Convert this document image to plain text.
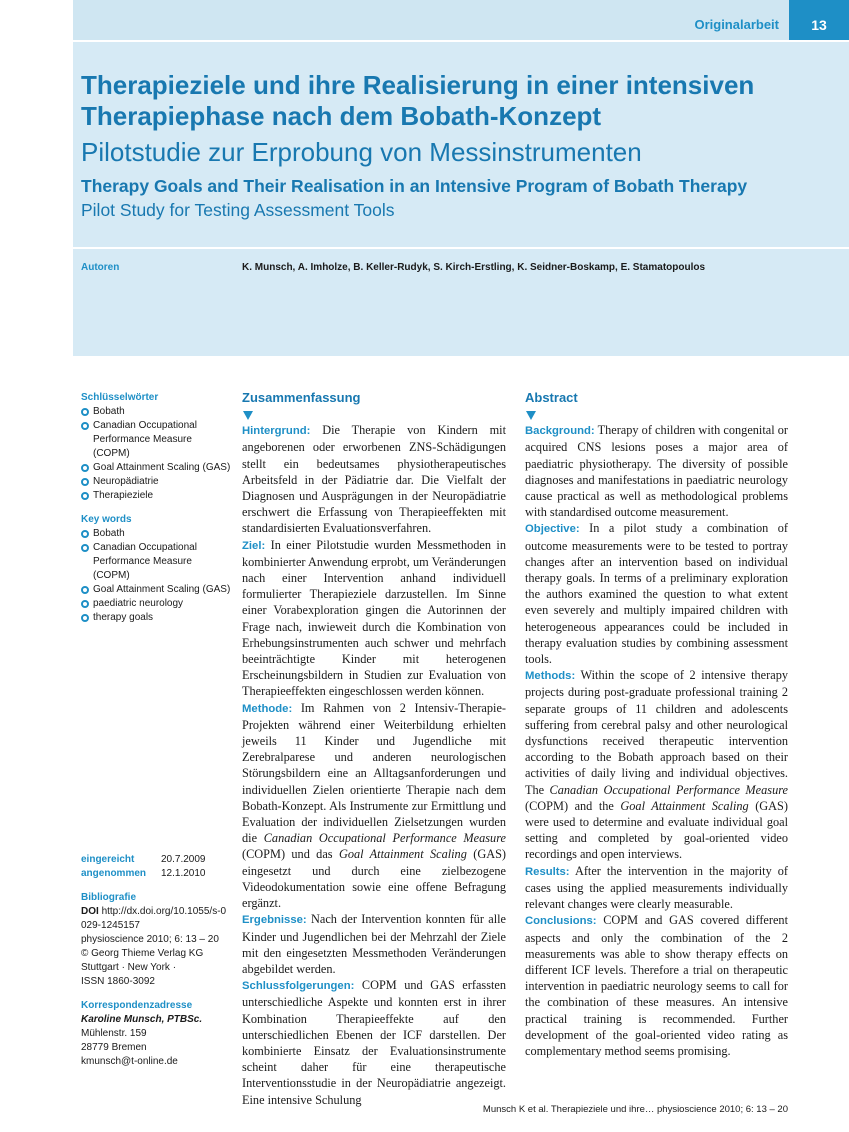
Originalarbeit	13
Therapieziele und ihre Realisierung in einer intensiven Therapiephase nach dem Bobath-Konzept
Pilotstudie zur Erprobung von Messinstrumenten
Therapy Goals and Their Realisation in an Intensive Program of Bobath Therapy
Pilot Study for Testing Assessment Tools
Autoren	K. Munsch, A. Imholze, B. Keller-Rudyk, S. Kirch-Erstling, K. Seidner-Boskamp, E. Stamatopoulos
Schlüsselwörter
Bobath
Canadian Occupational Performance Measure (COPM)
Goal Attainment Scaling (GAS)
Neuropädiatrie
Therapieziele
Key words
Bobath
Canadian Occupational Performance Measure (COPM)
Goal Attainment Scaling (GAS)
paediatric neurology
therapy goals
eingereicht	20.7.2009
angenommen	12.1.2010
Bibliografie
DOI http://dx.doi.org/10.1055/s-0029-1245157
physioscience 2010; 6: 13 – 20
© Georg Thieme Verlag KG
Stuttgart · New York ·
ISSN 1860-3092
Korrespondenzadresse
Karoline Munsch, PTBSc.
Mühlenstr. 159
28779 Bremen
kmunsch@t-online.de
Zusammenfassung

Hintergrund: Die Therapie von Kindern mit angeborenen oder erworbenen ZNS-Schädigungen stellt ein bedeutsames physiotherapeutisches Arbeitsfeld in der Pädiatrie dar. Die Vielfalt der Diagnosen und Ausprägungen in der Neuropädiatrie erschwert die Erfassung von Therapieeffekten mit standardisierten Evaluationsverfahren.

Ziel: In einer Pilotstudie wurden Messmethoden in kombinierter Anwendung erprobt, um Veränderungen nach einer Intervention anhand individuell formulierter Therapieziele darzustellen. Im Sinne einer Vorabexploration gingen die Autorinnen der Frage nach, inwieweit durch die Kombination von Erhebungsinstrumenten auch schwer und mehrfach beeinträchtigte Kinder mit heterogenen Erscheinungsbildern in Studien zur Evaluation von Therapieeffekten eingeschlossen werden können.

Methode: Im Rahmen von 2 Intensiv-Therapie-Projekten während einer Weiterbildung erhielten jeweils 11 Kinder und Jugendliche mit Zerebralparese und anderen neurologischen Störungsbildern eine an Alltagsanforderungen und individuellen Zielen orientierte Therapie nach dem Bobath-Konzept. Als Instrumente zur Ermittlung und Evaluation der individuellen Zielsetzungen wurden die Canadian Occupational Performance Measure (COPM) und das Goal Attainment Scaling (GAS) eingesetzt und durch eine zielbezogene Videodokumentation sowie eine offene Befragung ergänzt.

Ergebnisse: Nach der Intervention konnten für alle Kinder und Jugendlichen bei der Mehrzahl der Ziele mit den eingesetzten Messmethoden Veränderungen abgebildet werden.

Schlussfolgerungen: COPM und GAS erfassten unterschiedliche Aspekte und konnten erst in ihrer Kombination Therapieeffekte auf den unterschiedlichen Ebenen der ICF darstellen. Der kombinierte Einsatz der Evaluationsinstrumente scheint daher für eine therapeutische Interventionsstudie in der Neuropädiatrie angezeigt. Eine intensive Schulung

Abstract

Background: Therapy of children with congenital or acquired CNS lesions poses a major area of paediatric physiotherapy. The diversity of possible diagnoses and manifestations in paediatric neurology cause practical as well as methodological problems with standardised outcome measurement.

Objective: In a pilot study a combination of outcome measurements were to be tested to portray changes after an intervention based on individual therapy goals. In terms of a preliminary exploration the authors examined the question to what extent even severely and multiply impaired children with heterogeneous appearances could be included in therapy evaluation studies by combining assessment tools.

Methods: Within the scope of 2 intensive therapy projects during post-graduate professional training 2 separate groups of 11 children and adolescents suffering from cerebral palsy and other neurological dysfunctions received therapeutic intervention according to the Bobath approach based on their activities of daily living and individual objectives. The Canadian Occupational Performance Measure (COPM) and the Goal Attainment Scaling (GAS) were used to determine and evaluate individual goal setting and completed by goal-oriented video recordings and open interviews.

Results: After the intervention in the majority of cases using the applied measurements individually relevant changes were clearly measurable.

Conclusions: COPM and GAS covered different aspects and only the combination of the 2 measurements was able to show therapy effects on different ICF levels. Therefore a trial on therapeutic intervention in paediatric neurology seems to call for the combination of these measures. An intensive practical training is recommended. Further development of the goal-oriented video rating as complementary method seems promising.

Munsch K et al. Therapieziele und ihre… physioscience 2010; 6: 13 – 20
